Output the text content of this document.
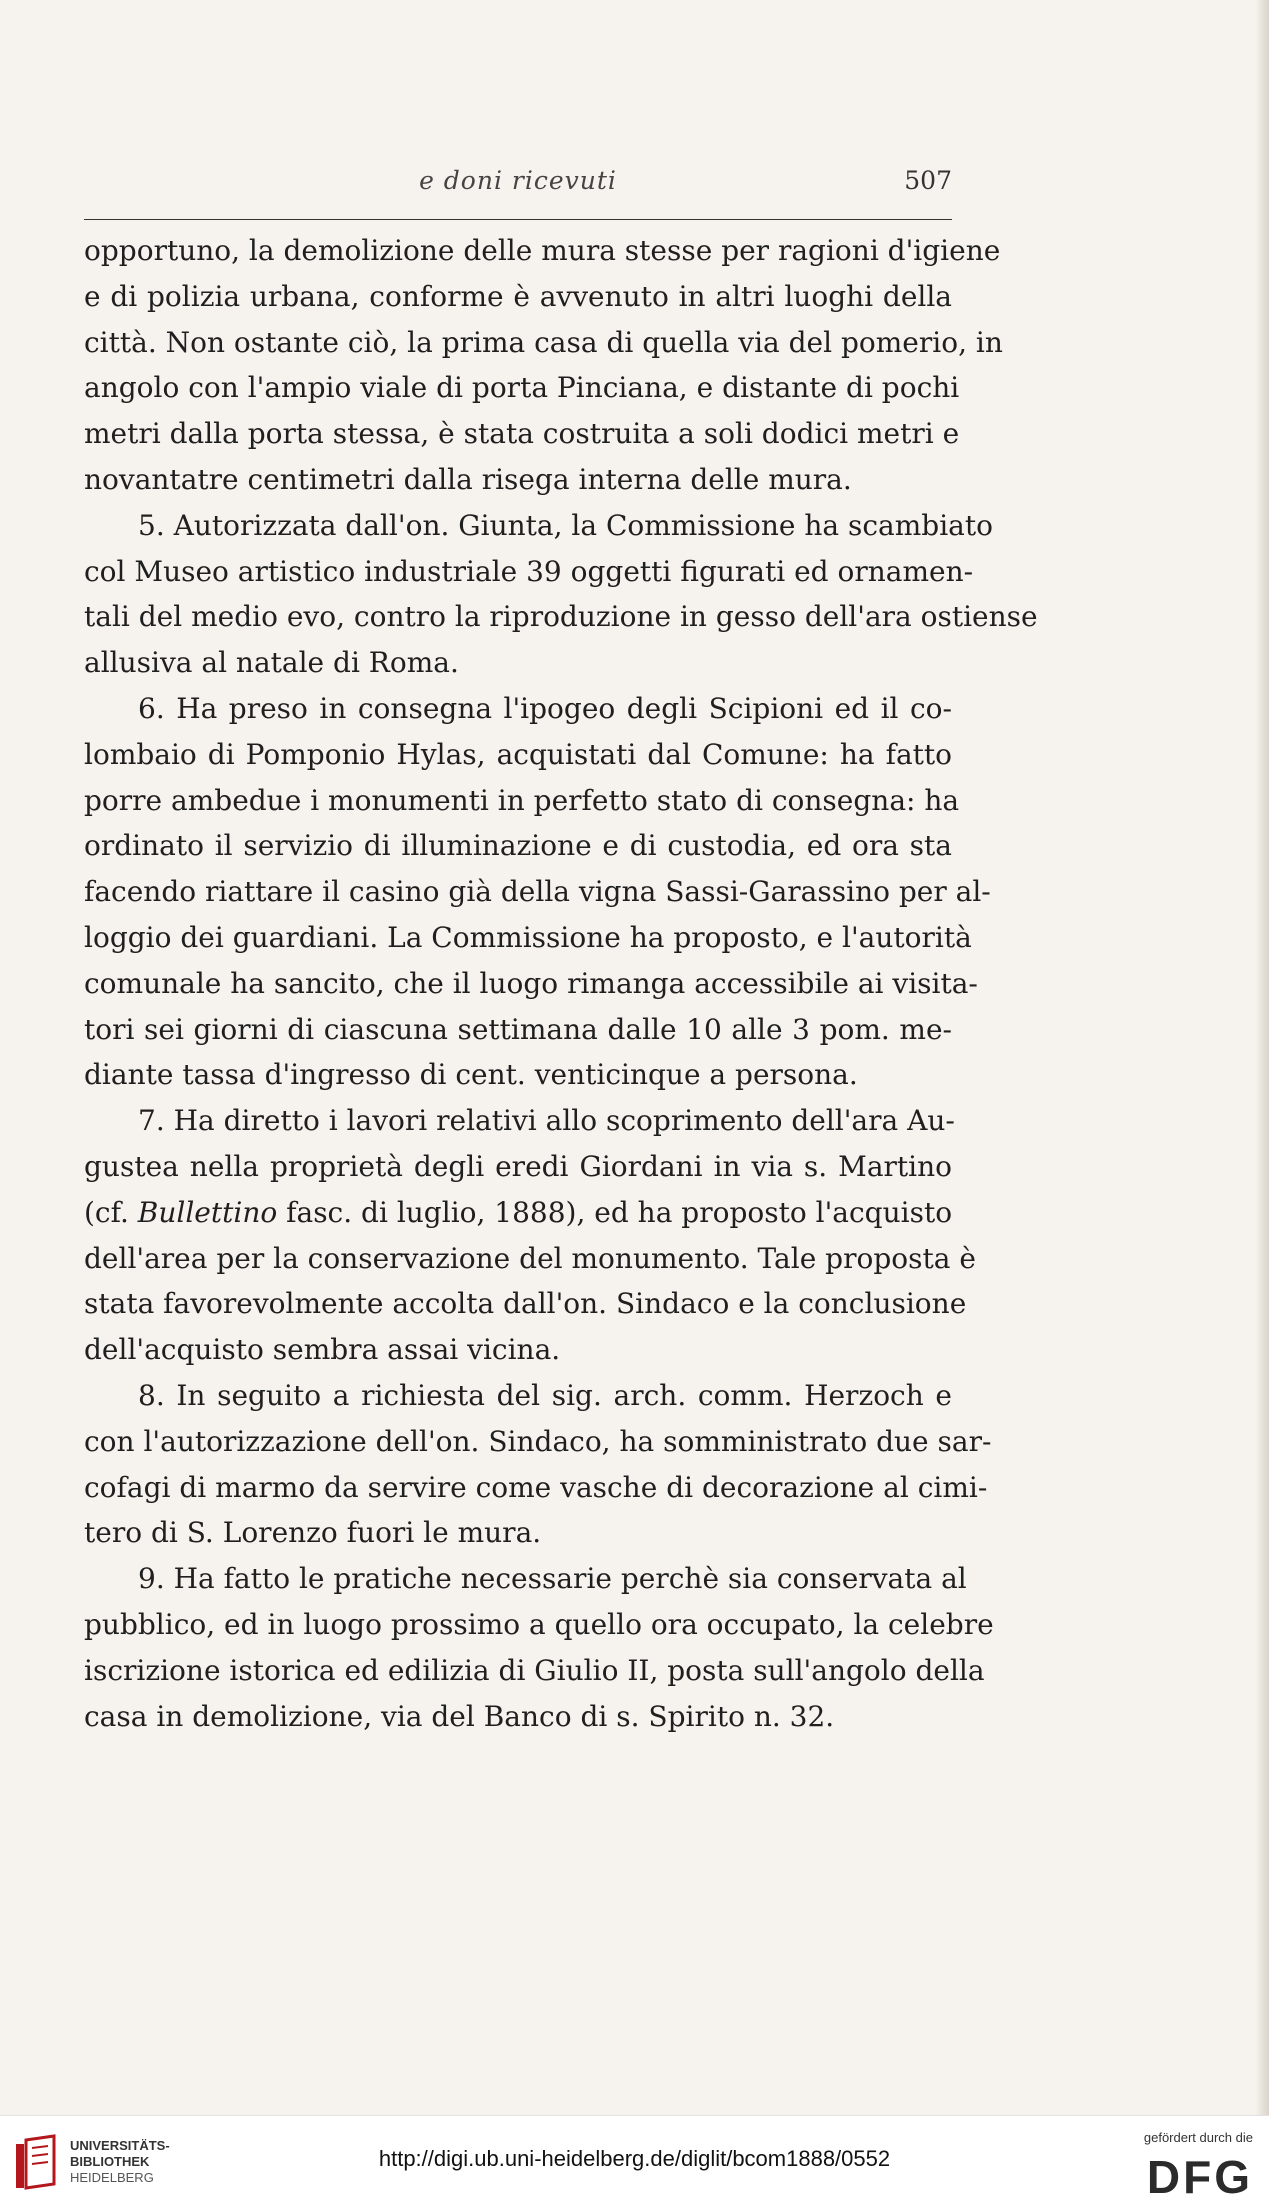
e doni ricevuti	507
opportuno, la demolizione delle mura stesse per ragioni d'igiene
e di polizia urbana, conforme è avvenuto in altri luoghi della
città. Non ostante ciò, la prima casa di quella via del pomerio, in
angolo con l'ampio viale di porta Pinciana, e distante di pochi
metri dalla porta stessa, è stata costruita a soli dodici metri e
novantatre centimetri dalla risega interna delle mura.
5. Autorizzata dall'on. Giunta, la Commissione ha scambiato
col Museo artistico industriale 39 oggetti figurati ed ornamen-
tali del medio evo, contro la riproduzione in gesso dell'ara ostiense
allusiva al natale di Roma.
6. Ha preso in consegna l'ipogeo degli Scipioni ed il co-
lombaio di Pomponio Hylas, acquistati dal Comune: ha fatto
porre ambedue i monumenti in perfetto stato di consegna: ha
ordinato il servizio di illuminazione e di custodia, ed ora sta
facendo riattare il casino già della vigna Sassi-Garassino per al-
loggio dei guardiani. La Commissione ha proposto, e l'autorità
comunale ha sancito, che il luogo rimanga accessibile ai visita-
tori sei giorni di ciascuna settimana dalle 10 alle 3 pom. me-
diante tassa d'ingresso di cent. venticinque a persona.
7. Ha diretto i lavori relativi allo scoprimento dell'ara Au-
gustea nella proprietà degli eredi Giordani in via s. Martino
(cf. Bullettino fasc. di luglio, 1888), ed ha proposto l'acquisto
dell'area per la conservazione del monumento. Tale proposta è
stata favorevolmente accolta dall'on. Sindaco e la conclusione
dell'acquisto sembra assai vicina.
8. In seguito a richiesta del sig. arch. comm. Herzoch e
con l'autorizzazione dell'on. Sindaco, ha somministrato due sar-
cofagi di marmo da servire come vasche di decorazione al cimi-
tero di S. Lorenzo fuori le mura.
9. Ha fatto le pratiche necessarie perchè sia conservata al
pubblico, ed in luogo prossimo a quello ora occupato, la celebre
iscrizione istorica ed edilizia di Giulio II, posta sull'angolo della
casa in demolizione, via del Banco di s. Spirito n. 32.
UNIVERSITÄTS-
BIBLIOTHEK
HEIDELBERG
http://digi.ub.uni-heidelberg.de/diglit/bcom1888/0552
gefördert durch die
DFG
